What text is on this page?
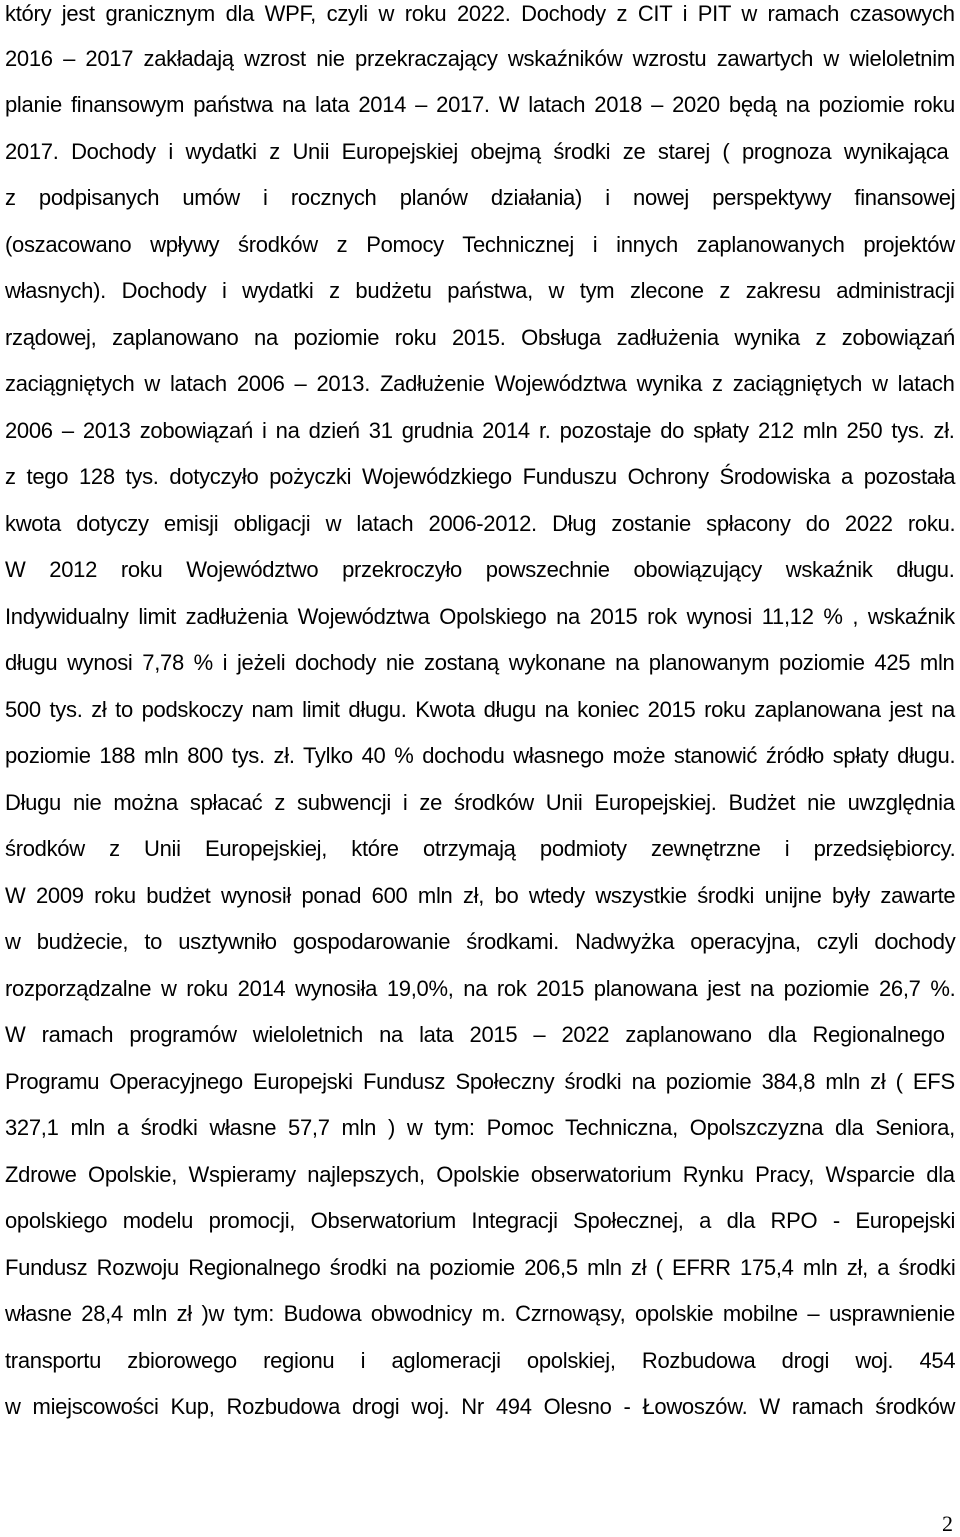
który jest granicznym dla WPF, czyli w roku 2022. Dochody z CIT i PIT w ramach czasowych
2016 – 2017 zakładają wzrost nie przekraczający wskaźników wzrostu zawartych w wieloletnim
planie finansowym państwa na lata 2014 – 2017. W latach 2018 – 2020 będą na poziomie roku
2017. Dochody i wydatki z Unii Europejskiej obejmą środki ze starej ( prognoza wynikająca
z podpisanych umów i rocznych planów działania) i nowej perspektywy finansowej
(oszacowano wpływy środków z Pomocy Technicznej i innych zaplanowanych projektów
własnych). Dochody i wydatki z budżetu państwa, w tym zlecone z zakresu administracji
rządowej, zaplanowano na poziomie roku 2015. Obsługa zadłużenia wynika z zobowiązań
zaciągniętych w latach 2006 – 2013. Zadłużenie Województwa wynika z zaciągniętych w latach
2006 – 2013 zobowiązań i na dzień 31 grudnia 2014 r. pozostaje do spłaty 212 mln 250 tys. zł.
z tego 128 tys. dotyczyło pożyczki Wojewódzkiego Funduszu Ochrony Środowiska a pozostała
kwota dotyczy emisji obligacji w latach 2006-2012. Dług zostanie spłacony do 2022 roku.
W 2012 roku Województwo przekroczyło powszechnie obowiązujący wskaźnik długu.
Indywidualny limit zadłużenia Województwa Opolskiego na 2015 rok wynosi 11,12 % , wskaźnik
długu wynosi 7,78 % i jeżeli dochody nie zostaną wykonane na planowanym poziomie 425 mln
500 tys. zł to podskoczy nam limit długu. Kwota długu na koniec 2015 roku zaplanowana jest na
poziomie 188 mln 800 tys. zł. Tylko 40 % dochodu własnego może stanowić źródło spłaty długu.
Długu nie można spłacać z subwencji i ze środków Unii Europejskiej. Budżet nie uwzględnia
środków z Unii Europejskiej, które otrzymają podmioty zewnętrzne i przedsiębiorcy.
W 2009 roku budżet wynosił ponad 600 mln zł, bo wtedy wszystkie środki unijne były zawarte
w budżecie, to usztywniło gospodarowanie środkami. Nadwyżka operacyjna, czyli dochody
rozporządzalne w roku 2014 wynosiła 19,0%, na rok 2015 planowana jest na poziomie 26,7 %.
W ramach programów wieloletnich na lata 2015 – 2022 zaplanowano dla Regionalnego
Programu Operacyjnego Europejski Fundusz Społeczny środki na poziomie 384,8 mln zł ( EFS
327,1 mln a środki własne 57,7 mln ) w tym: Pomoc Techniczna, Opolszczyzna dla Seniora,
Zdrowe Opolskie, Wspieramy najlepszych, Opolskie obserwatorium Rynku Pracy, Wsparcie dla
opolskiego modelu promocji, Obserwatorium Integracji Społecznej, a dla RPO - Europejski
Fundusz Rozwoju Regionalnego środki na poziomie 206,5 mln zł ( EFRR 175,4 mln zł, a środki
własne 28,4 mln zł )w tym: Budowa obwodnicy m. Czrnowąsy, opolskie mobilne – usprawnienie
transportu zbiorowego regionu i aglomeracji opolskiej, Rozbudowa drogi woj. 454
w miejscowości Kup, Rozbudowa drogi woj. Nr 494 Olesno - Łowoszów. W ramach środków
2
